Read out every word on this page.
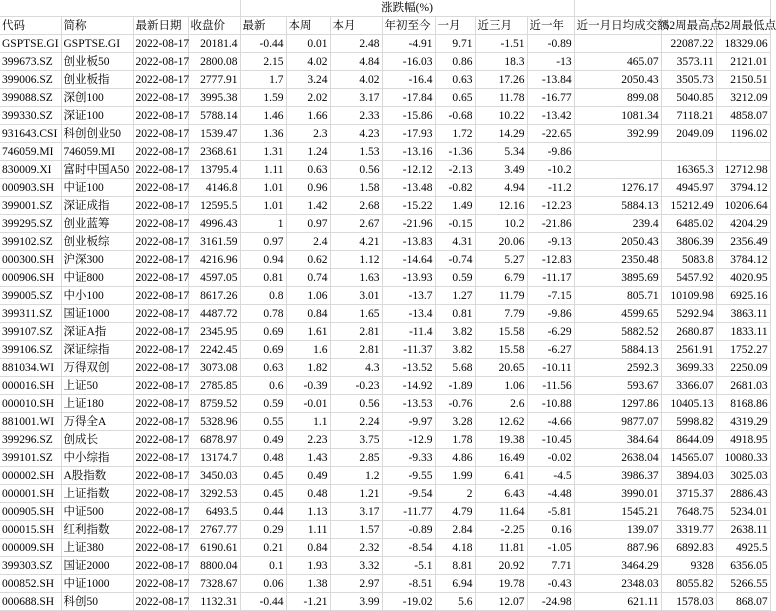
				涨跌幅(%)									
代码	简称	最新日期	收盘价	最新	本周	本月	年初至今	一月	近三月	近一年	近一月日均成交额	52周最高点	52周最低点
GSPTSE.GI	GSPTSE.GI	2022-08-17	20181.4	-0.44	0.01	2.48	-4.91	9.71	-1.51	-0.89		22087.22	18329.06
399673.SZ	创业板50	2022-08-17	2800.08	2.15	4.02	4.84	-16.03	0.86	18.3	-13	465.07	3573.11	2121.01
399006.SZ	创业板指	2022-08-17	2777.91	1.7	3.24	4.02	-16.4	0.63	17.26	-13.84	2050.43	3505.73	2150.51
399088.SZ	深创100	2022-08-17	3995.38	1.59	2.02	3.17	-17.84	0.65	11.78	-16.77	899.08	5040.85	3212.09
399330.SZ	深证100	2022-08-17	5788.14	1.46	1.66	2.33	-15.86	-0.68	10.22	-13.42	1081.34	7118.21	4858.07
931643.CSI	科创创业50	2022-08-17	1539.47	1.36	2.3	4.23	-17.93	1.72	14.29	-22.65	392.99	2049.09	1196.02
746059.MI	746059.MI	2022-08-17	2368.61	1.31	1.24	1.53	-13.16	-1.36	5.34	-9.86			
830009.XI	富时中国A50	2022-08-17	13795.4	1.11	0.63	0.56	-12.12	-2.13	3.49	-10.2		16365.3	12712.98
000903.SH	中证100	2022-08-17	4146.8	1.01	0.96	1.58	-13.48	-0.82	4.94	-11.2	1276.17	4945.97	3794.12
399001.SZ	深证成指	2022-08-17	12595.5	1.01	1.42	2.68	-15.22	1.49	12.16	-12.23	5884.13	15212.49	10206.64
399295.SZ	创业蓝筹	2022-08-17	4996.43	1	0.97	2.67	-21.96	-0.15	10.2	-21.86	239.4	6485.02	4204.29
399102.SZ	创业板综	2022-08-17	3161.59	0.97	2.4	4.21	-13.83	4.31	20.06	-9.13	2050.43	3806.39	2356.49
000300.SH	沪深300	2022-08-17	4216.96	0.94	0.62	1.12	-14.64	-0.74	5.27	-12.83	2350.48	5083.8	3784.12
000906.SH	中证800	2022-08-17	4597.05	0.81	0.74	1.63	-13.93	0.59	6.79	-11.17	3895.69	5457.92	4020.95
399005.SZ	中小100	2022-08-17	8617.26	0.8	1.06	3.01	-13.7	1.27	11.79	-7.15	805.71	10109.98	6925.16
399311.SZ	国证1000	2022-08-17	4487.72	0.78	0.84	1.65	-13.4	0.81	7.79	-9.86	4599.65	5292.94	3863.11
399107.SZ	深证A指	2022-08-17	2345.95	0.69	1.61	2.81	-11.4	3.82	15.58	-6.29	5882.52	2680.87	1833.11
399106.SZ	深证综指	2022-08-17	2242.45	0.69	1.6	2.81	-11.37	3.82	15.58	-6.27	5884.13	2561.91	1752.27
881034.WI	万得双创	2022-08-17	3073.08	0.63	1.82	4.3	-13.52	5.68	20.65	-10.11	2592.3	3699.33	2250.09
000016.SH	上证50	2022-08-17	2785.85	0.6	-0.39	-0.23	-14.92	-1.89	1.06	-11.56	593.67	3366.07	2681.03
000010.SH	上证180	2022-08-17	8759.52	0.59	-0.01	0.56	-13.53	-0.76	2.6	-10.88	1297.86	10405.13	8168.86
881001.WI	万得全A	2022-08-17	5328.96	0.55	1.1	2.24	-9.97	3.28	12.62	-4.66	9877.07	5998.82	4319.29
399296.SZ	创成长	2022-08-17	6878.97	0.49	2.23	3.75	-12.9	1.78	19.38	-10.45	384.64	8644.09	4918.95
399101.SZ	中小综指	2022-08-17	13174.7	0.48	1.43	2.85	-9.33	4.86	16.49	-0.02	2638.04	14565.07	10080.33
000002.SH	A股指数	2022-08-17	3450.03	0.45	0.49	1.2	-9.55	1.99	6.41	-4.5	3986.37	3894.03	3025.03
000001.SH	上证指数	2022-08-17	3292.53	0.45	0.48	1.21	-9.54	2	6.43	-4.48	3990.01	3715.37	2886.43
000905.SH	中证500	2022-08-17	6493.5	0.44	1.13	3.17	-11.77	4.79	11.64	-5.81	1545.21	7648.75	5234.01
000015.SH	红利指数	2022-08-17	2767.77	0.29	1.11	1.57	-0.89	2.84	-2.25	0.16	139.07	3319.77	2638.11
000009.SH	上证380	2022-08-17	6190.61	0.21	0.84	2.32	-8.54	4.18	11.81	-1.05	887.96	6892.83	4925.5
399303.SZ	国证2000	2022-08-17	8800.04	0.1	1.93	3.32	-5.1	8.81	20.92	7.71	3464.29	9328	6356.05
000852.SH	中证1000	2022-08-17	7328.67	0.06	1.38	2.97	-8.51	6.94	19.78	-0.43	2348.03	8055.82	5266.55
000688.SH	科创50	2022-08-17	1132.31	-0.44	-1.21	3.99	-19.02	5.6	12.07	-24.98	621.11	1578.03	868.07
